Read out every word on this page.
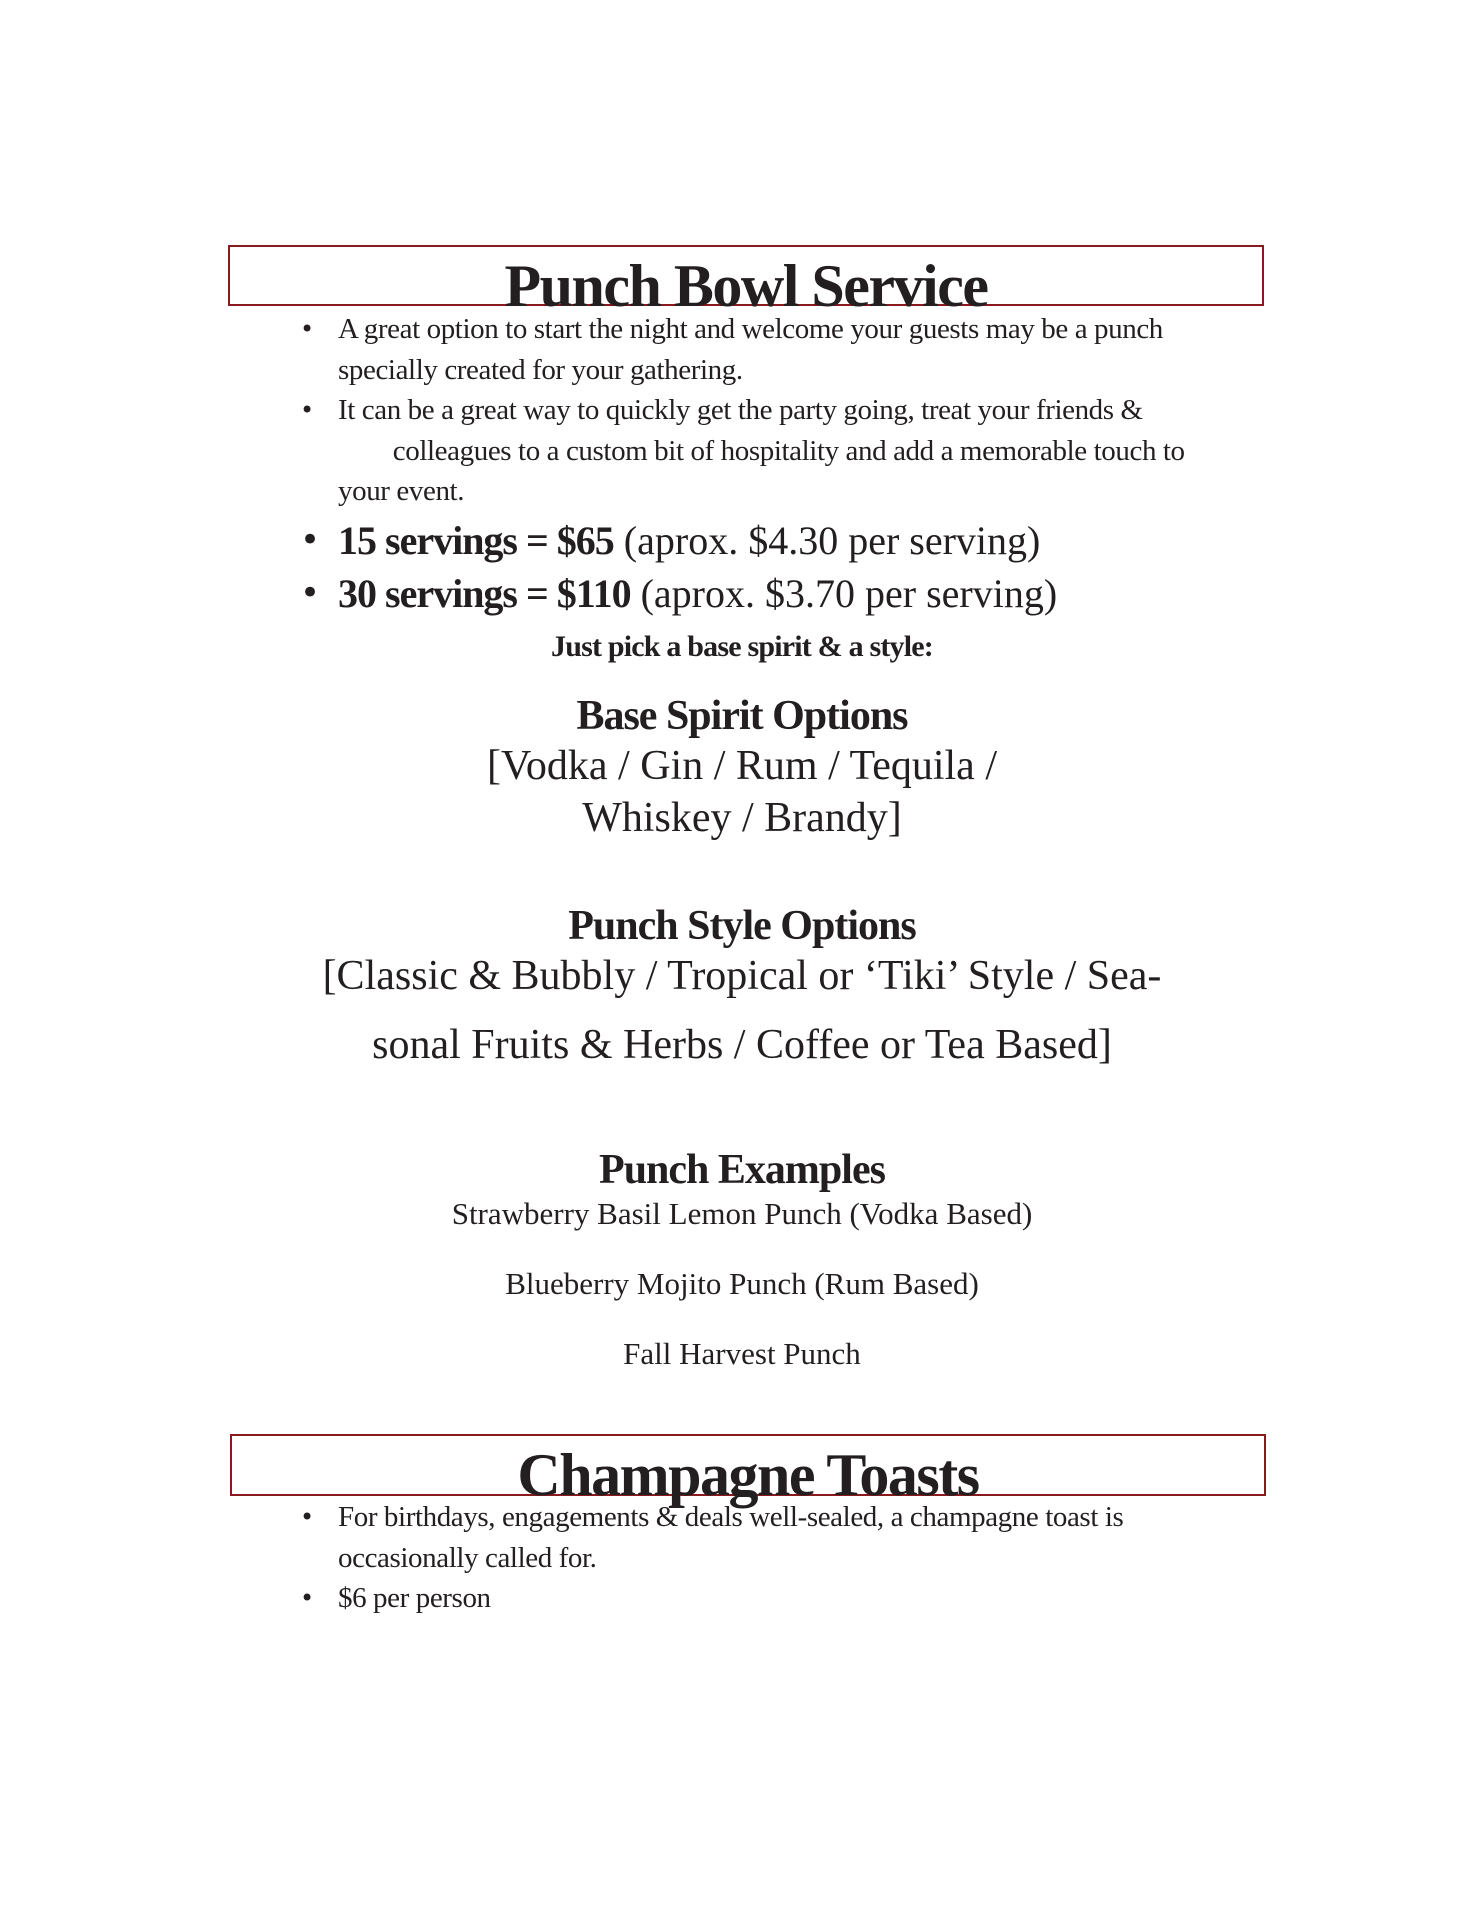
Punch Bowl Service
• A great option to start the night and welcome your guests may be a punch specially created for your gathering.
• It can be a great way to quickly get the party going, treat your friends &         colleagues to a custom bit of hospitality and add a memorable touch to your event.
• 15 servings = $65 (aprox. $4.30 per serving)
• 30 servings = $110 (aprox. $3.70 per serving)
Just pick a base spirit & a style:
Base Spirit Options
[Vodka / Gin / Rum / Tequila /
Whiskey / Brandy]
Punch Style Options
[Classic & Bubbly / Tropical or ‘Tiki’ Style / Sea-
sonal Fruits & Herbs / Coffee or Tea Based]
Punch Examples
Strawberry Basil Lemon Punch (Vodka Based)
Blueberry Mojito Punch (Rum Based)
Fall Harvest Punch
Champagne Toasts
• For birthdays, engagements & deals well-sealed, a champagne toast is occasionally called for.
• $6 per person
